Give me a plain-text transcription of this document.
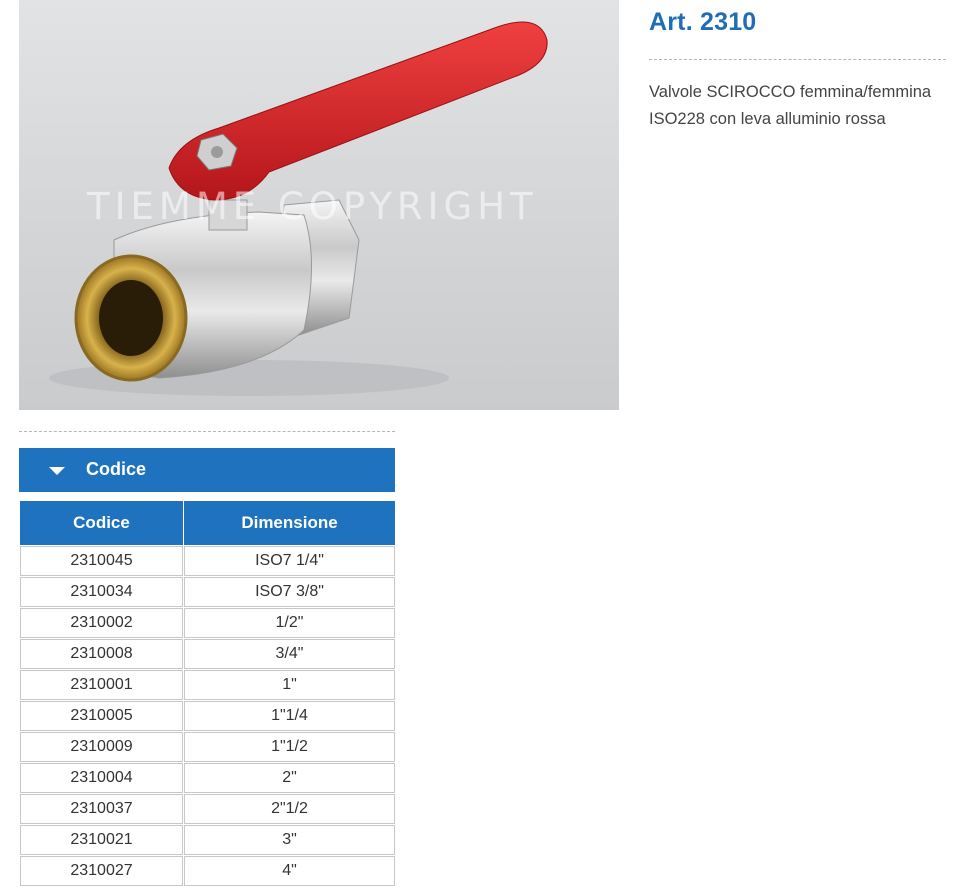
TIEMME COPYRIGHT
Art. 2310
Valvole SCIROCCO femmina/femmina ISO228 con leva alluminio rossa
Codice
Codice	Dimensione
2310045	ISO7 1/4"
2310034	ISO7 3/8"
2310002	1/2"
2310008	3/4"
2310001	1"
2310005	1"1/4
2310009	1"1/2
2310004	2"
2310037	2"1/2
2310021	3"
2310027	4"
